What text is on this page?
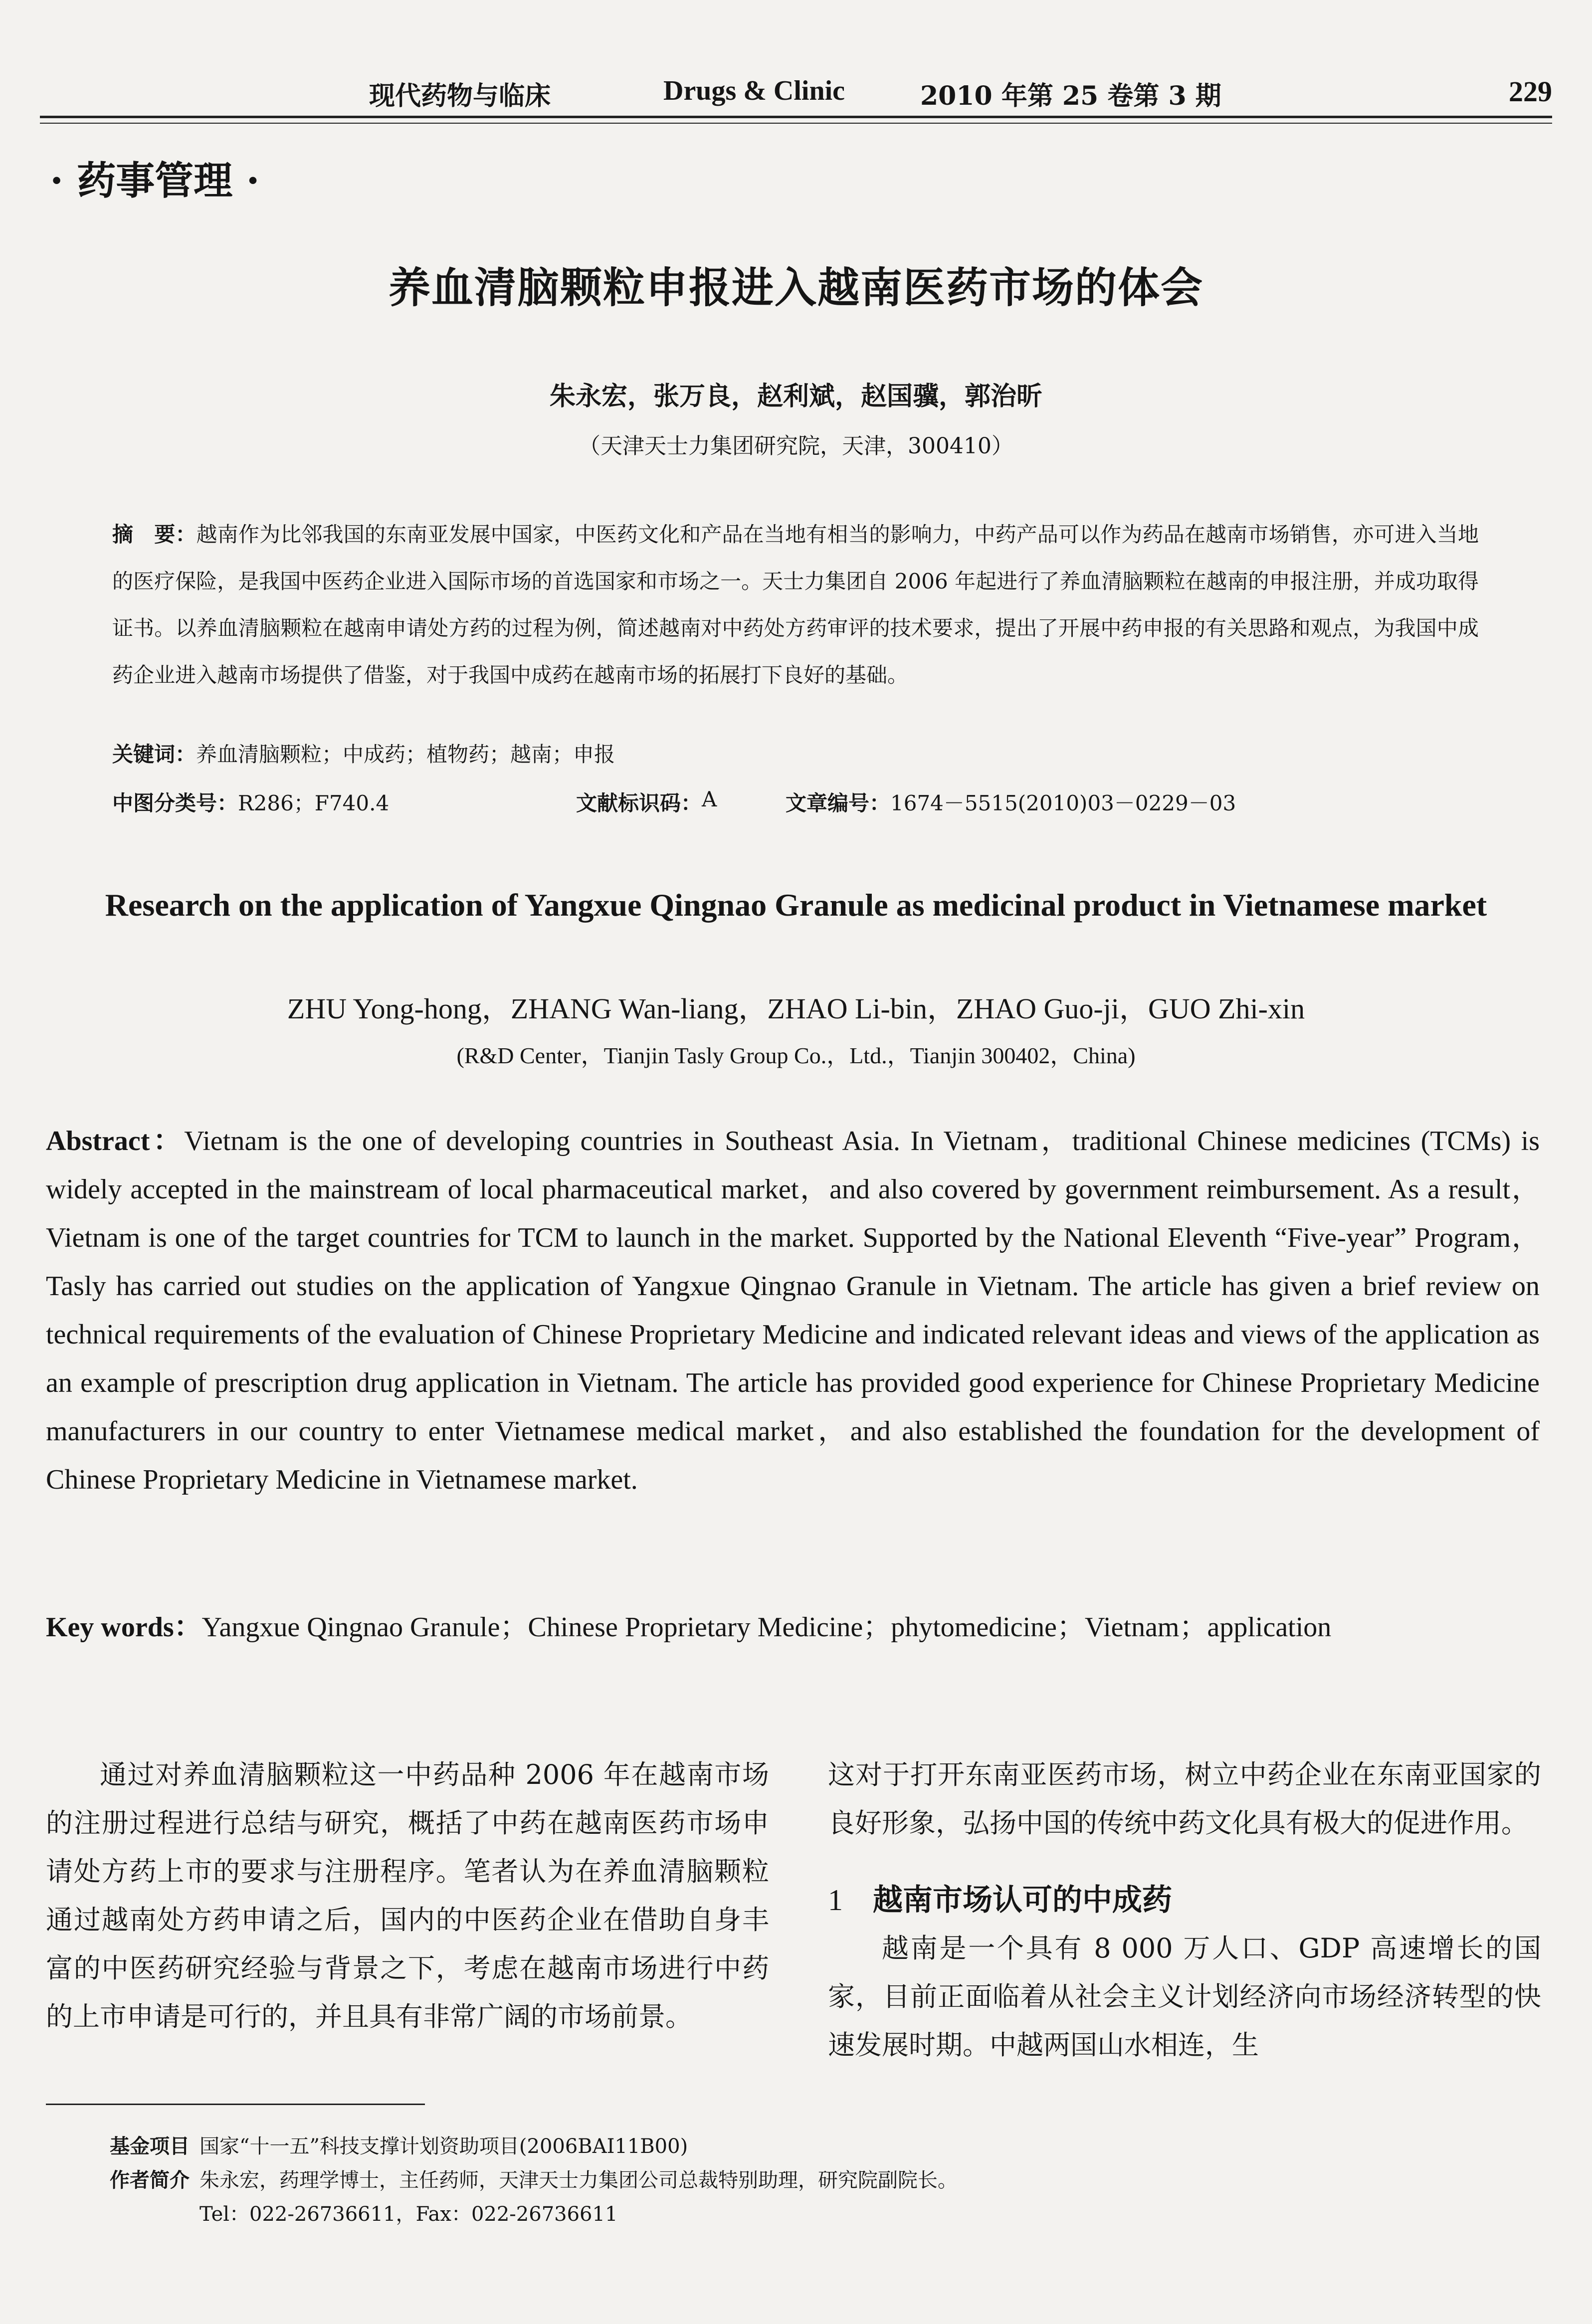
现代药物与临床	Drugs & Clinic	2010 年第 25 卷第 3 期	229
· 药事管理 ·
养血清脑颗粒申报进入越南医药市场的体会
朱永宏，张万良，赵利斌，赵国骥，郭治昕
（天津天士力集团研究院，天津，300410）

摘　要：越南作为比邻我国的东南亚发展中国家，中医药文化和产品在当地有相当的影响力，中药产品可以作为药品在越南市场销售，亦可进入当地的医疗保险，是我国中医药企业进入国际市场的首选国家和市场之一。天士力集团自 2006 年起进行了养血清脑颗粒在越南的申报注册，并成功取得证书。以养血清脑颗粒在越南申请处方药的过程为例，简述越南对中药处方药审评的技术要求，提出了开展中药申报的有关思路和观点，为我国中成药企业进入越南市场提供了借鉴，对于我国中成药在越南市场的拓展打下良好的基础。

关键词：养血清脑颗粒；中成药；植物药；越南；申报

中图分类号： R286；F740.4	文献标识码： A	文章编号： 1674－5515(2010)03－0229－03
Research on the application of Yangxue Qingnao Granule as medicinal product in Vietnamese market
ZHU Yong-hong，ZHANG Wan-liang，ZHAO Li-bin，ZHAO Guo-ji，GUO Zhi-xin
(R&D Center，Tianjin Tasly Group Co.，Ltd.，Tianjin 300402，China)

Abstract：Vietnam is the one of developing countries in Southeast Asia. In Vietnam，traditional Chinese medicines (TCMs) is widely accepted in the mainstream of local pharmaceutical market，and also covered by government reimbursement. As a result，Vietnam is one of the target countries for TCM to launch in the market. Supported by the National Eleventh “Five-year” Program，Tasly has carried out studies on the application of Yangxue Qingnao Granule in Vietnam. The article has given a brief review on technical requirements of the evaluation of Chinese Proprietary Medicine and indicated relevant ideas and views of the application as an example of prescription drug application in Vietnam. The article has provided good experience for Chinese Proprietary Medicine manufacturers in our country to enter Vietnamese medical market，and also established the foundation for the development of Chinese Proprietary Medicine in Vietnamese market.

Key words：Yangxue Qingnao Granule；Chinese Proprietary Medicine；phytomedicine；Vietnam；application

通过对养血清脑颗粒这一中药品种 2006 年在越南市场的注册过程进行总结与研究，概括了中药在越南医药市场申请处方药上市的要求与注册程序。笔者认为在养血清脑颗粒通过越南处方药申请之后，国内的中医药企业在借助自身丰富的中医药研究经验与背景之下，考虑在越南市场进行中药的上市申请是可行的，并且具有非常广阔的市场前景。

这对于打开东南亚医药市场，树立中药企业在东南亚国家的良好形象，弘扬中国的传统中药文化具有极大的促进作用。

1 越南市场认可的中成药

越南是一个具有 8 000 万人口、GDP 高速增长的国家，目前正面临着从社会主义计划经济向市场经济转型的快速发展时期。中越两国山水相连，生

基金项目 国家“十一五”科技支撑计划资助项目(2006BAI11B00)
作者简介 朱永宏，药理学博士，主任药师，天津天士力集团公司总裁特别助理，研究院副院长。
Tel：022-26736611，Fax：022-26736611
